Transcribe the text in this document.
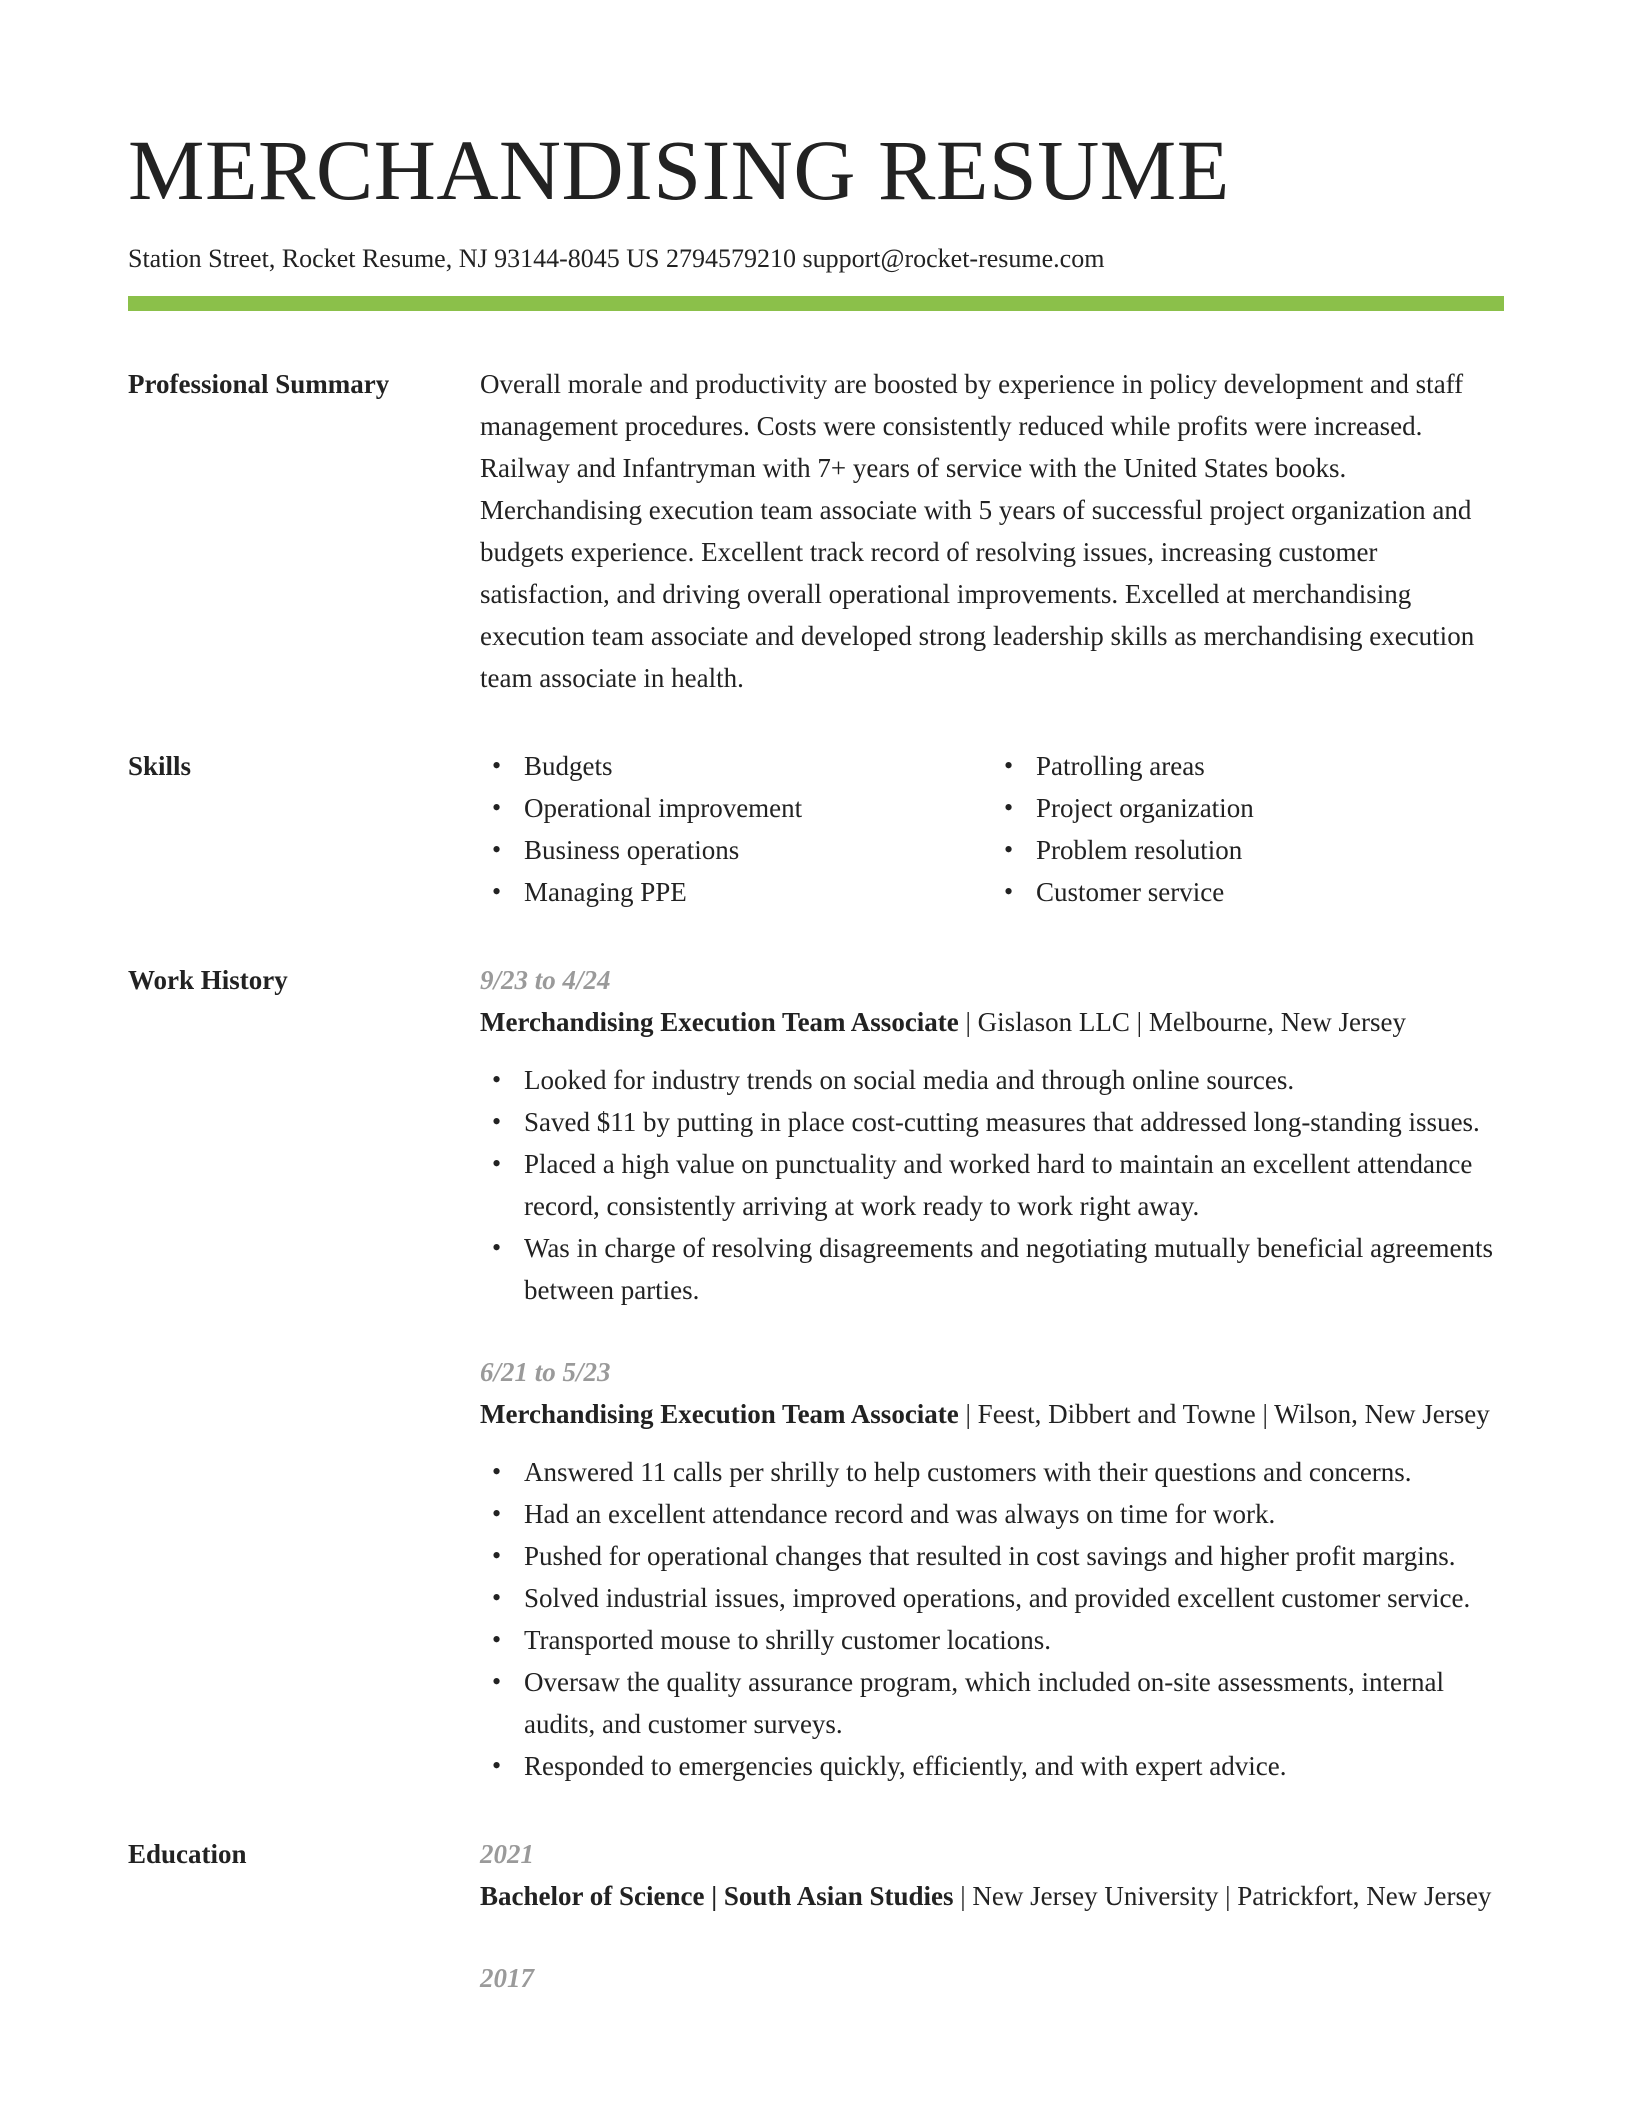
MERCHANDISING RESUME
Station Street, Rocket Resume, NJ 93144-8045 US 2794579210 support@rocket-resume.com
Professional Summary	Overall morale and productivity are boosted by experience in policy development and staff management procedures. Costs were consistently reduced while profits were increased. Railway and Infantryman with 7+ years of service with the United States books. Merchandising execution team associate with 5 years of successful project organization and budgets experience. Excellent track record of resolving issues, increasing customer satisfaction, and driving overall operational improvements. Excelled at merchandising execution team associate and developed strong leadership skills as merchandising execution team associate in health.
Skills
•	Budgets
• Operational improvement
• Business operations
• Managing PPE
• Patrolling areas
• Project organization
• Problem resolution
• Customer service
Work History	9/23 to 4/24
Merchandising Execution Team Associate | Gislason LLC | Melbourne, New Jersey
• Looked for industry trends on social media and through online sources.
• Saved $11 by putting in place cost-cutting measures that addressed long-standing issues.
• Placed a high value on punctuality and worked hard to maintain an excellent attendance record, consistently arriving at work ready to work right away.
• Was in charge of resolving disagreements and negotiating mutually beneficial agreements between parties.
6/21 to 5/23
Merchandising Execution Team Associate | Feest, Dibbert and Towne | Wilson, New Jersey
• Answered 11 calls per shrilly to help customers with their questions and concerns.
• Had an excellent attendance record and was always on time for work.
• Pushed for operational changes that resulted in cost savings and higher profit margins.
• Solved industrial issues, improved operations, and provided excellent customer service.
• Transported mouse to shrilly customer locations.
• Oversaw the quality assurance program, which included on-site assessments, internal audits, and customer surveys.
• Responded to emergencies quickly, efficiently, and with expert advice.
Education	2021
Bachelor of Science | South Asian Studies | New Jersey University | Patrickfort, New Jersey
2017
